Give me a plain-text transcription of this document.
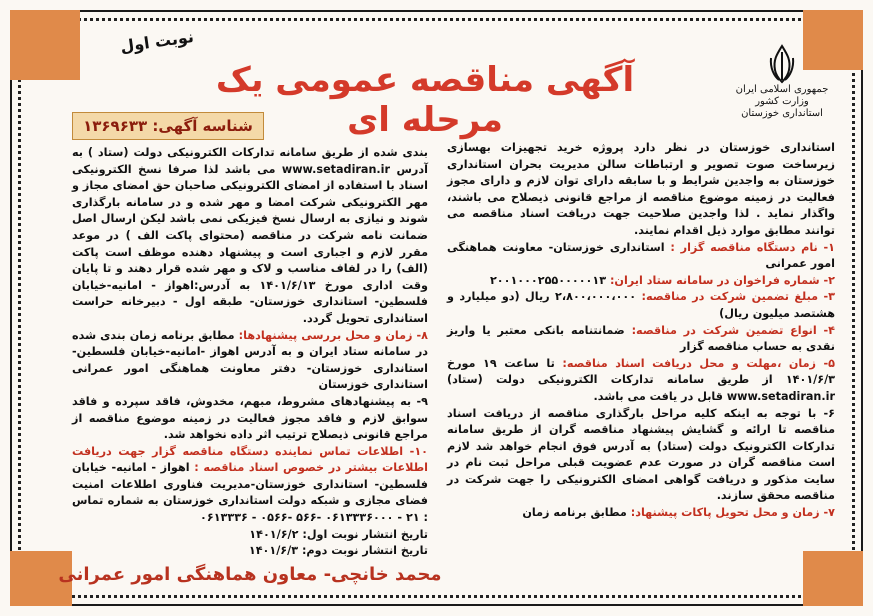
جمهوری اسلامی ایران
وزارت کشور
استانداری خوزستان
آگهی مناقصه عمومی یک مرحله ای
نوبت اول
شناسه آگهی: ۱۳۶۹۶۳۳

استانداری خوزستان در نظر دارد پروژه خرید تجهیزات بهسازی زیرساخت صوت تصویر و ارتباطات سالن مدیریت بحران استانداری خوزستان به واجدین شرایط و با سابقه دارای توان لازم و دارای مجوز فعالیت در زمینه موضوع مناقصه از مراجع قانونی ذیصلاح می باشند، واگذار نماید . لذا واجدین صلاحیت جهت دریافت اسناد مناقصه می توانند مطابق موارد ذیل اقدام نمایند.

۱- نام دستگاه مناقصه گزار : استانداری خوزستان- معاونت هماهنگی امور عمرانی

۲- شماره فراخوان در سامانه ستاد ایران: ۲۰۰۱۰۰۰۲۵۵۰۰۰۰۰۱۳

۳- مبلغ تضمین شرکت در مناقصه: ۲،۸۰۰،۰۰۰،۰۰۰ ریال (دو میلیارد و هشتصد میلیون ریال)

۴- انواع تضمین شرکت در مناقصه: ضمانتنامه بانکی معتبر یا واریز نقدی به حساب مناقصه گزار

۵- زمان ،مهلت و محل دریافت اسناد مناقصه: تا ساعت ۱۹ مورخ ۱۴۰۱/۶/۳ از طریق سامانه تدارکات الکترونیکی دولت (ستاد) www.setadiran.ir قابل در یافت می باشد.

۶- با توجه به اینکه کلیه مراحل بارگذاری مناقصه از دریافت اسناد مناقصه تا ارائه و گشایش پیشنهاد مناقصه گران از طریق سامانه تدارکات الکترونیک دولت (ستاد) به آدرس فوق انجام خواهد شد لازم است مناقصه گران در صورت عدم عضویت قبلی مراحل ثبت نام در سایت مذکور و دریافت گواهی امضای الکترونیکی را جهت شرکت در مناقصه محقق سازند.

۷- زمان و محل تحویل پاکات پیشنهاد: مطابق برنامه زمان

بندی شده از طریق سامانه تدارکات الکترونیکی دولت (ستاد ) به آدرس www.setadiran.ir می باشد لذا صرفا نسخ الکترونیکی اسناد با استفاده از امضای الکترونیکی صاحبان حق امضای مجاز و مهر الکترونیکی شرکت امضا و مهر شده و در سامانه بارگذاری شوند و نیازی به ارسال نسخ فیزیکی نمی باشد لیکن ارسال اصل ضمانت نامه شرکت در مناقصه (محتوای پاکت الف ) در موعد مقرر لازم و اجباری است و پیشنهاد دهنده موظف است پاکت (الف) را در لفاف مناسب و لاک و مهر شده قرار دهند و تا پایان وقت اداری مورخ ۱۴۰۱/۶/۱۳ به آدرس:اهواز - امانیه-خیابان فلسطین- استانداری خوزستان- طبقه اول - دبیرخانه حراست استانداری تحویل گردد.

۸- زمان و محل بررسی پیشنهادها: مطابق برنامه زمان بندی شده در سامانه ستاد ایران و به آدرس اهواز -امانیه-خیابان فلسطین-استانداری خوزستان- دفتر معاونت هماهنگی امور عمرانی استانداری خوزستان

۹- به پیشنهادهای مشروط، مبهم، مخدوش، فاقد سپرده و فاقد سوابق لازم و فاقد مجوز فعالیت در زمینه موضوع مناقصه از مراجع قانونی ذیصلاح ترتیب اثر داده نخواهد شد.

۱۰- اطلاعات تماس نماینده دستگاه مناقصه گزار جهت دریافت اطلاعات بیشتر در خصوص اسناد مناقصه : اهواز - امانیه- خیابان فلسطین- استانداری خوزستان-مدیریت فناوری اطلاعات امنیت فضای مجازی و شبکه دولت استانداری خوزستان به شماره تماس : ۲۱ - ۰۶۱۳۳۳۶۰۰۰ -۵۶۶ -۰۵۶۶ - ۰۶۱۳۳۳۶

تاریخ انتشار نوبت اول: ۱۴۰۱/۶/۲

تاریخ انتشار نوبت دوم: ۱۴۰۱/۶/۳

محمد خانچی- معاون هماهنگی امور عمرانی
